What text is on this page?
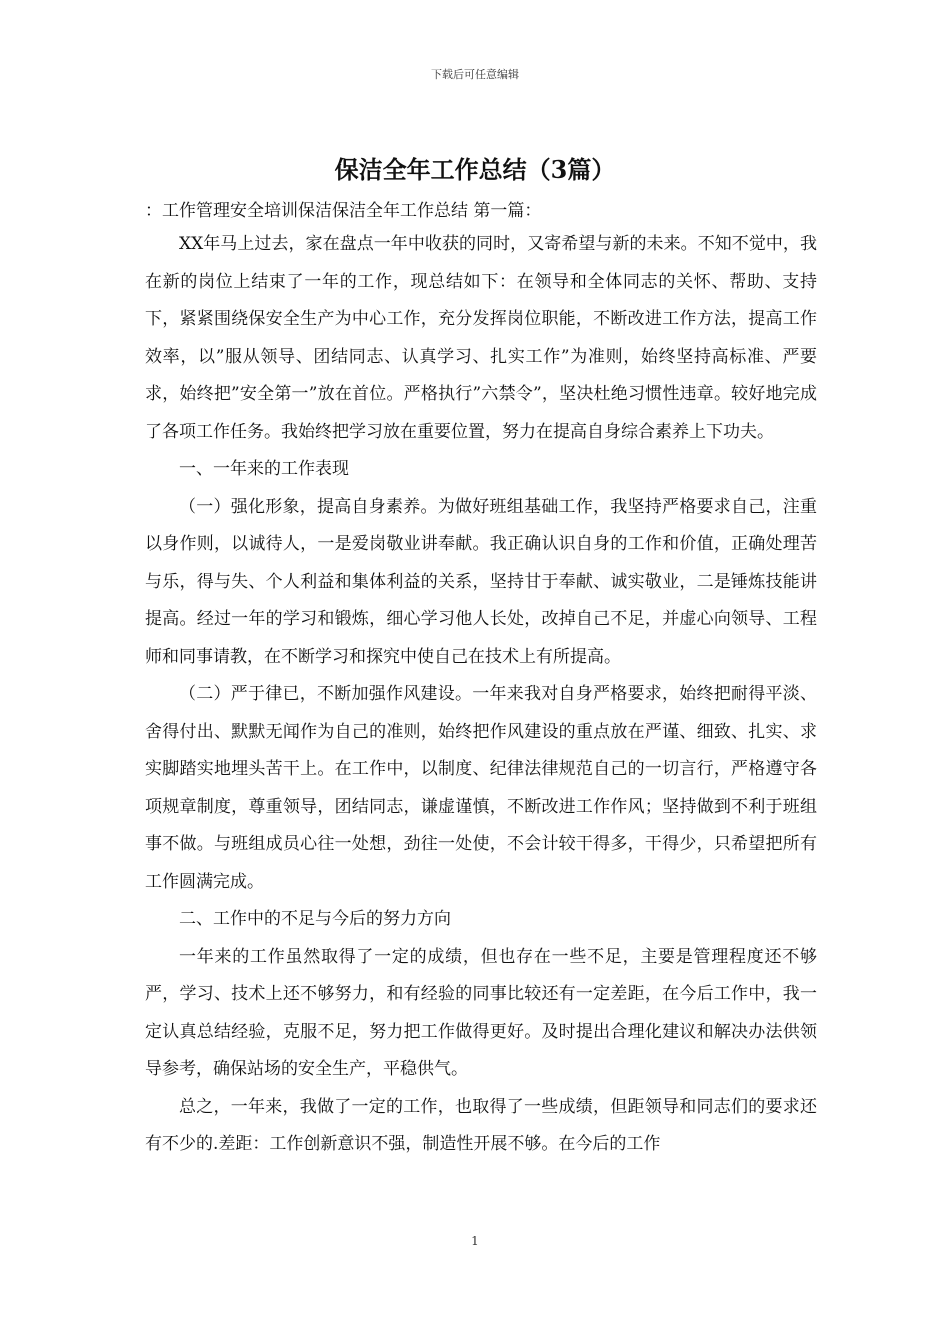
下载后可任意编辑
保洁全年工作总结（3篇）

：工作管理安全培训保洁保洁全年工作总结 第一篇：

XX年马上过去，家在盘点一年中收获的同时，又寄希望与新的未来。不知不觉中，我在新的岗位上结束了一年的工作，现总结如下：在领导和全体同志的关怀、帮助、支持下，紧紧围绕保安全生产为中心工作，充分发挥岗位职能，不断改进工作方法，提高工作效率，以”服从领导、团结同志、认真学习、扎实工作”为准则，始终坚持高标准、严要求，始终把”安全第一”放在首位。严格执行”六禁令”，坚决杜绝习惯性违章。较好地完成了各项工作任务。我始终把学习放在重要位置，努力在提高自身综合素养上下功夫。

一、一年来的工作表现

（一）强化形象，提高自身素养。为做好班组基础工作，我坚持严格要求自己，注重以身作则，以诚待人，一是爱岗敬业讲奉献。我正确认识自身的工作和价值，正确处理苦与乐，得与失、个人利益和集体利益的关系，坚持甘于奉献、诚实敬业，二是锤炼技能讲提高。经过一年的学习和锻炼，细心学习他人长处，改掉自己不足，并虚心向领导、工程师和同事请教，在不断学习和探究中使自己在技术上有所提高。

（二）严于律已，不断加强作风建设。一年来我对自身严格要求，始终把耐得平淡、舍得付出、默默无闻作为自己的准则，始终把作风建设的重点放在严谨、细致、扎实、求实脚踏实地埋头苦干上。在工作中，以制度、纪律法律规范自己的一切言行，严格遵守各项规章制度，尊重领导，团结同志，谦虚谨慎，不断改进工作作风；坚持做到不利于班组事不做。与班组成员心往一处想，劲往一处使，不会计较干得多，干得少，只希望把所有工作圆满完成。

二、工作中的不足与今后的努力方向

一年来的工作虽然取得了一定的成绩，但也存在一些不足，主要是管理程度还不够严，学习、技术上还不够努力，和有经验的同事比较还有一定差距，在今后工作中，我一定认真总结经验，克服不足，努力把工作做得更好。及时提出合理化建议和解决办法供领导参考，确保站场的安全生产，平稳供气。

总之，一年来，我做了一定的工作，也取得了一些成绩，但距领导和同志们的要求还有不少的.差距：工作创新意识不强，制造性开展不够。在今后的工作

1
